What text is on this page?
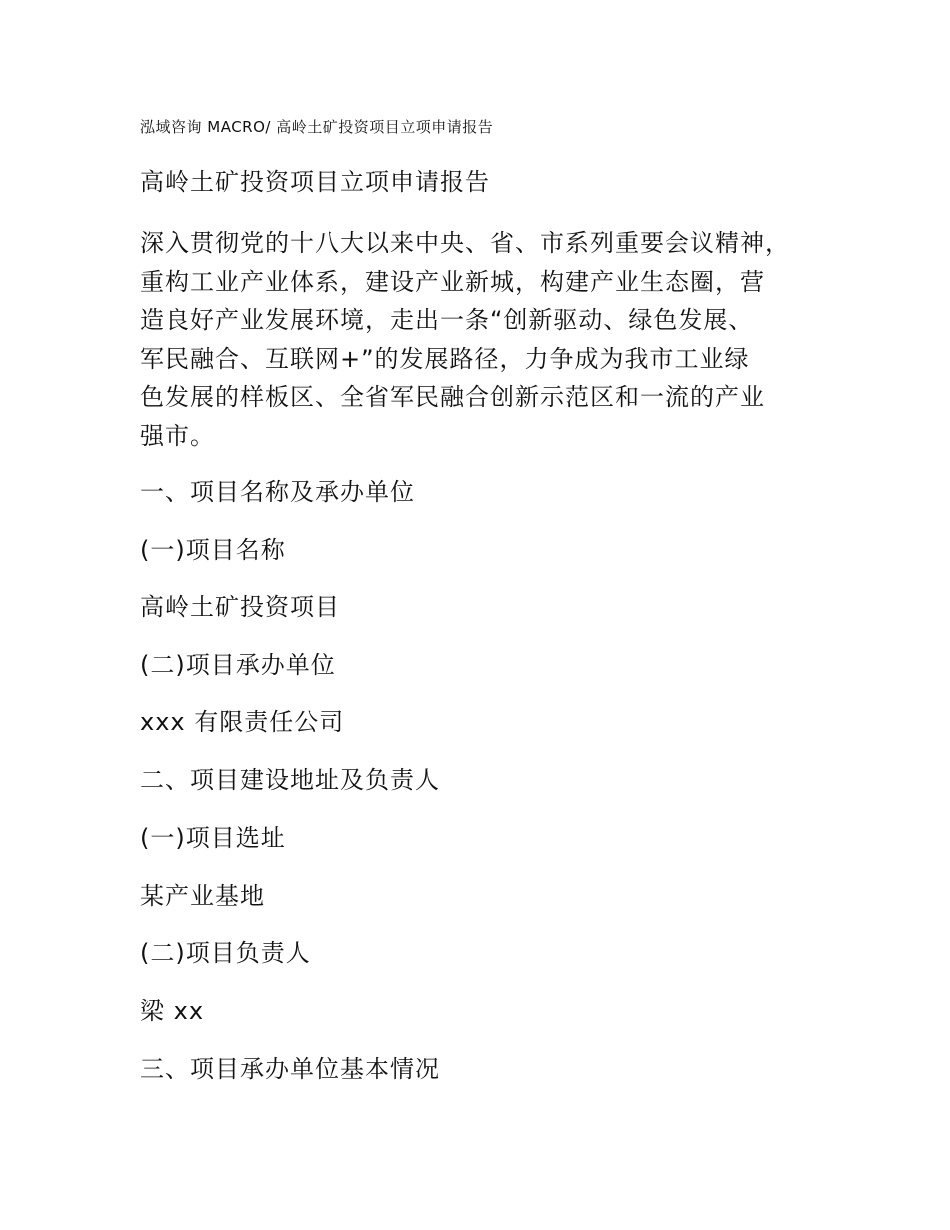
泓域咨询 MACRO/ 高岭土矿投资项目立项申请报告
高岭土矿投资项目立项申请报告
深入贯彻党的十八大以来中央、省、市系列重要会议精神，
重构工业产业体系，建设产业新城，构建产业生态圈，营
造良好产业发展环境，走出一条“创新驱动、绿色发展、
军民融合、互联网+”的发展路径，力争成为我市工业绿
色发展的样板区、全省军民融合创新示范区和一流的产业
强市。
一、项目名称及承办单位
(一)项目名称
高岭土矿投资项目
(二)项目承办单位
xxx 有限责任公司
二、项目建设地址及负责人
(一)项目选址
某产业基地
(二)项目负责人
梁 xx
三、项目承办单位基本情况
